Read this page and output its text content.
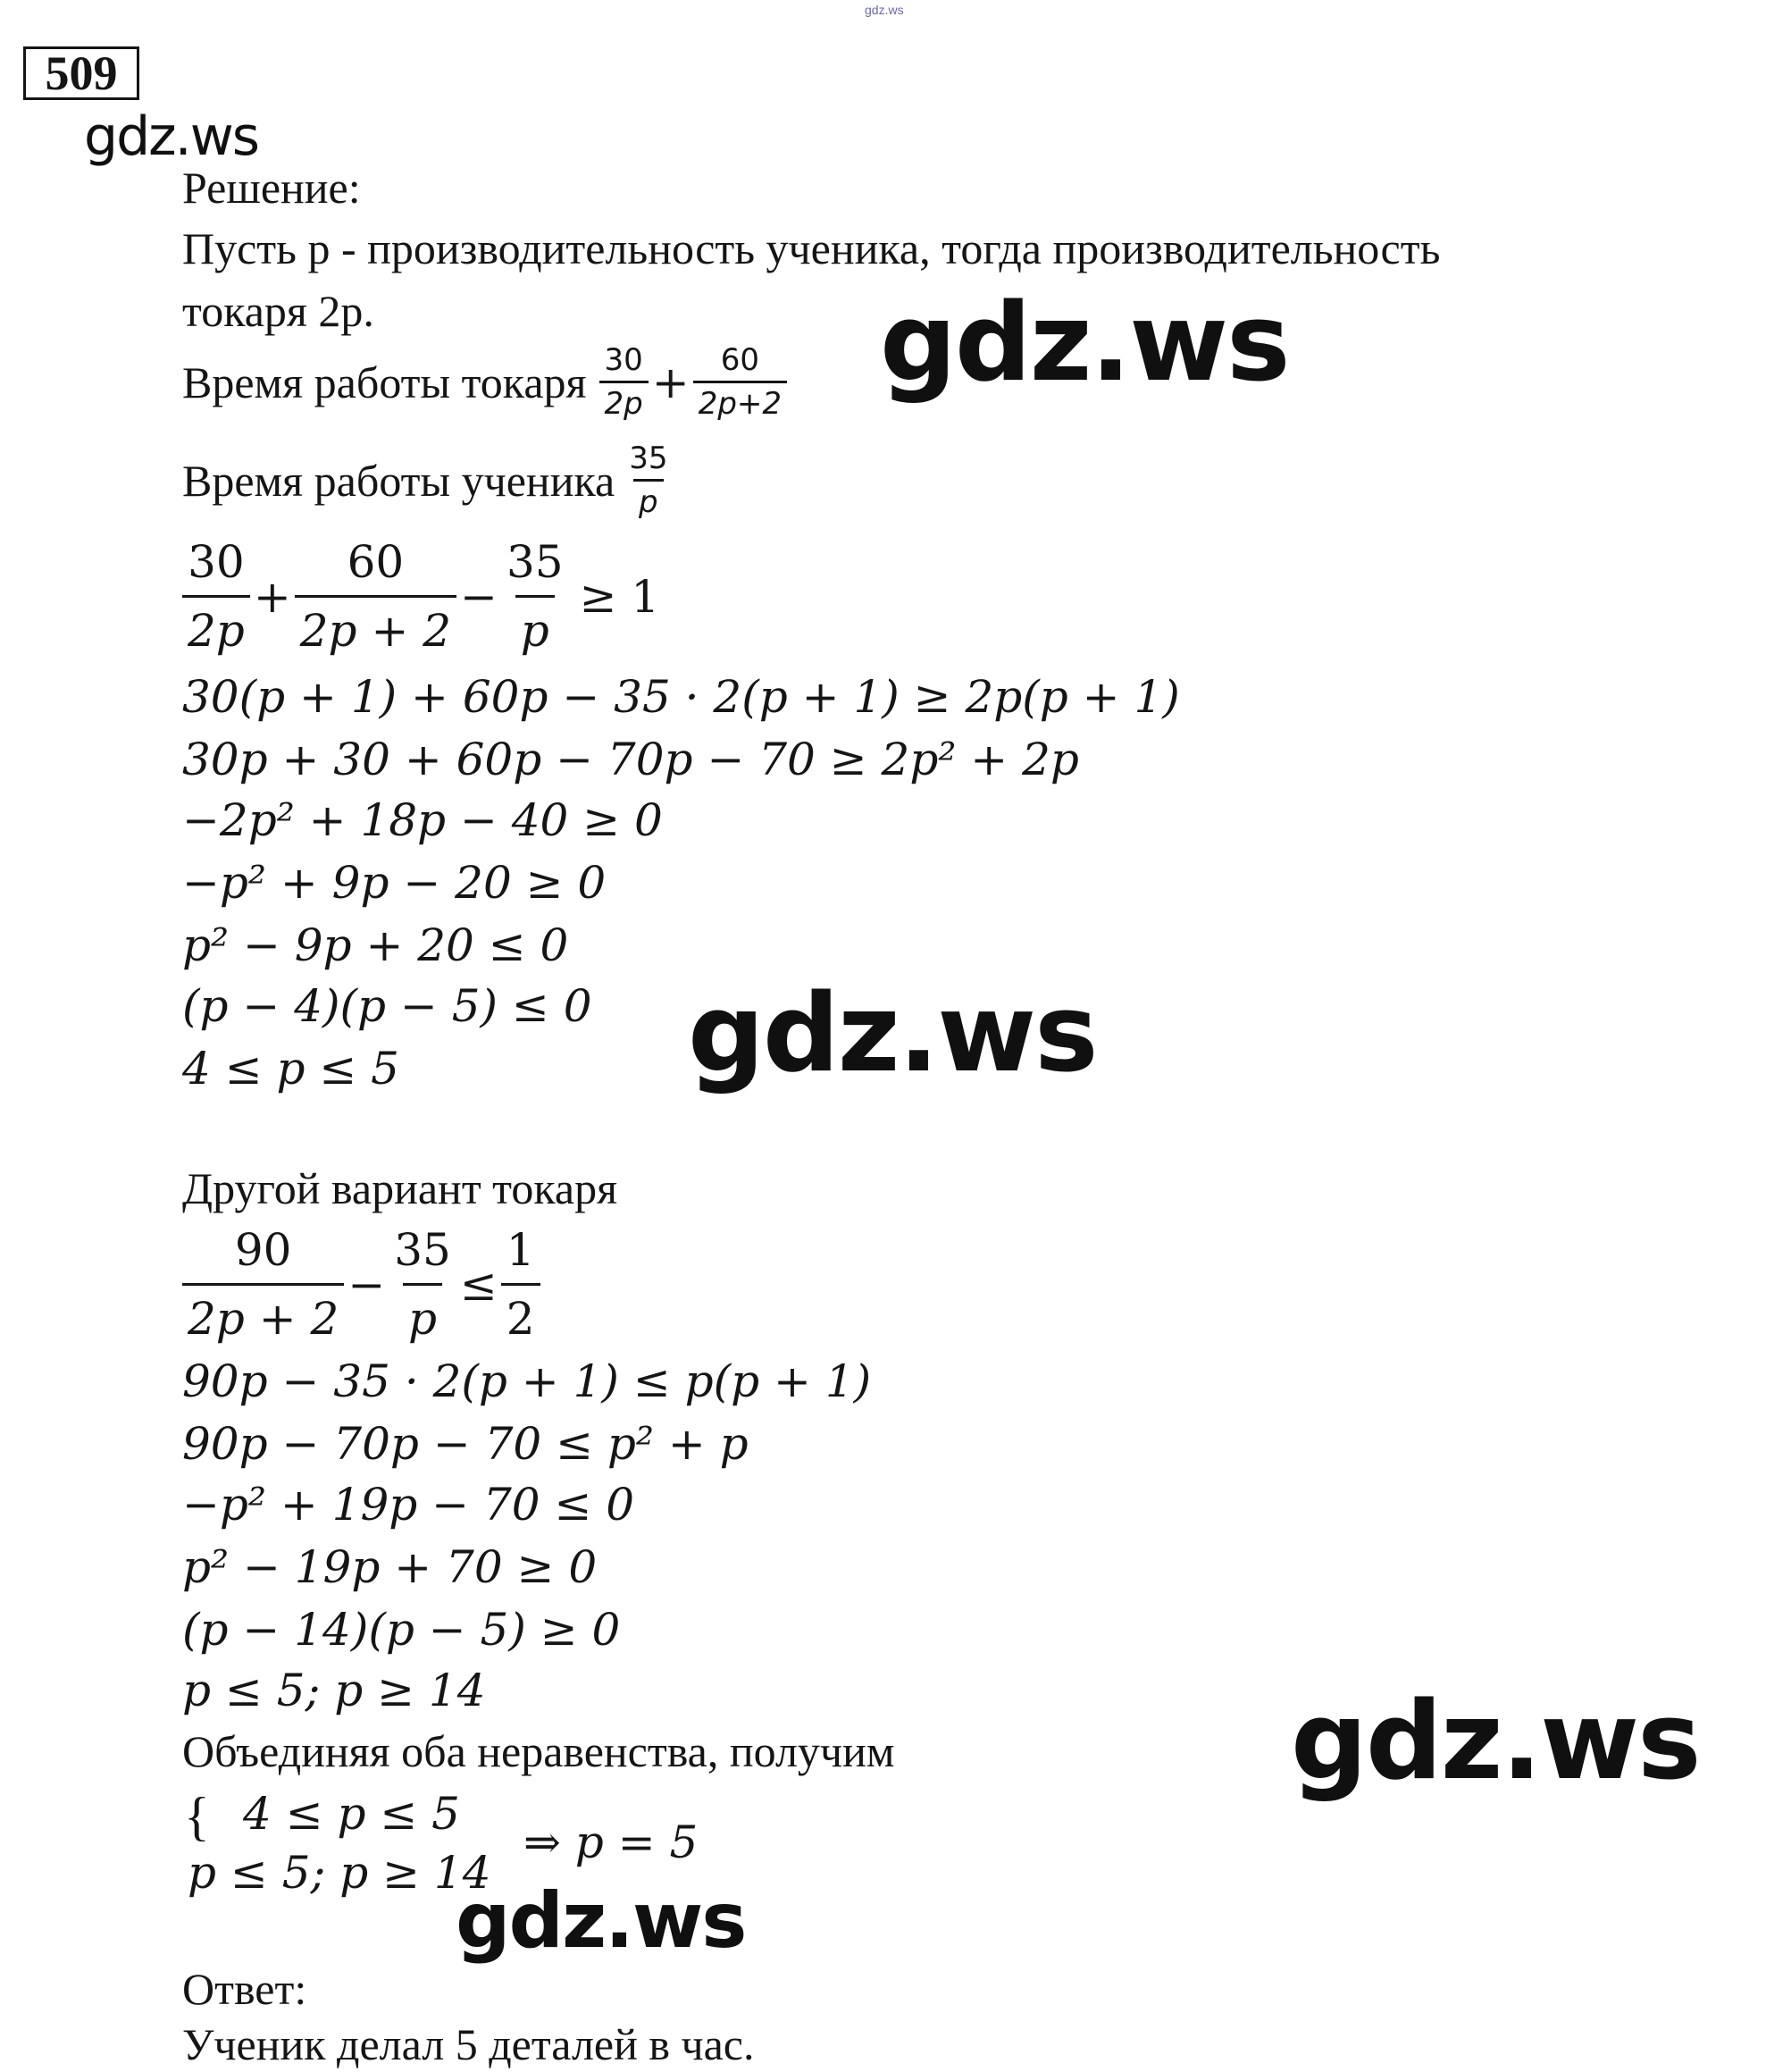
gdz.ws
509
gdz.ws
Решение:
Пусть p - производительность ученика, тогда производительность
токаря 2p.
Время работы токаря $\frac{30}{2p} + \frac{60}{2p+2} gdz.ws$
Время работы ученика $\frac{35}{p}$
$\frac{30}{2p} + \frac{60}{2p + 2} - \frac{35}{p} \ge 1$
30(p + 1) + 60p − 35 · 2(p + 1) ≥ 2p(p + 1)
30p + 30 + 60p − 70p − 70 ≥ 2p² + 2p
−2p² + 18p − 40 ≥ 0
−p² + 9p − 20 ≥ 0
p² − 9p + 20 ≤ 0
(p − 4)(p − 5) ≤ 0
4 ≤ p ≤ 5	gdz.ws
Другой вариант токаря
$\frac{90}{2p + 2} - \frac{35}{p} \le \frac{1}{2}$
90p − 35 · 2(p + 1) ≤ p(p + 1)
90p − 70p − 70 ≤ p² + p
−p² + 19p − 70 ≤ 0
p² − 19p + 70 ≥ 0
(p − 14)(p − 5) ≥ 0
p ≤ 5; p ≥ 14
Объединяя оба неравенства, получим	gdz.ws
{ 4 ≤ p ≤ 5
p ≤ 5; p ≥ 14
⇒ p = 5
gdz.ws
Ответ:
Ученик делал 5 деталей в час.
